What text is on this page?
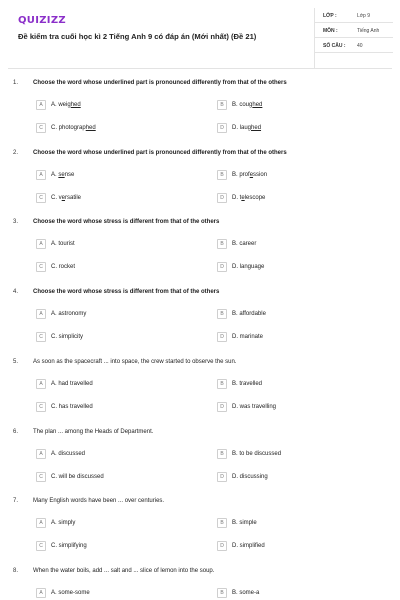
QUIZIZZ
Đề kiểm tra cuối học kì 2 Tiếng Anh 9 có đáp án (Mới nhất) (Đề 21)
LỚP :	Lớp 9
MÔN :	Tiếng Anh
SỐ CÂU : 40
1. Choose the word whose underlined part is pronounced differently from that of the others
A	A. weighed	B	B. coughed
C	C. photographed	D	D. laughed
2. Choose the word whose underlined part is pronounced differently from that of the others
A	A. sense	B	B. profession
C	C. versatile	D	D. telescope
3. Choose the word whose stress is different from that of the others
A	A. tourist	B	B. career
C	C. rocket	D	D. language
4. Choose the word whose stress is different from that of the others
A	A. astronomy	B	B. affordable
C	C. simplicity	D	D. marinate
5. As soon as the spacecraft ... into space, the crew started to observe the sun.
A	A. had travelled	B	B. travelled
C	C. has travelled	D	D. was travelling
6. The plan ... among the Heads of Department.
A	A. discussed	B	B. to be discussed
C	C. will be discussed	D	D. discussing
7. Many English words have been ... over centuries.
A	A. simply	B	B. simple
C	C. simplifying	D	D. simplified
8. When the water boils, add ... salt and ... slice of lemon into the soup.
A	A. some-some	B	B. some-a
